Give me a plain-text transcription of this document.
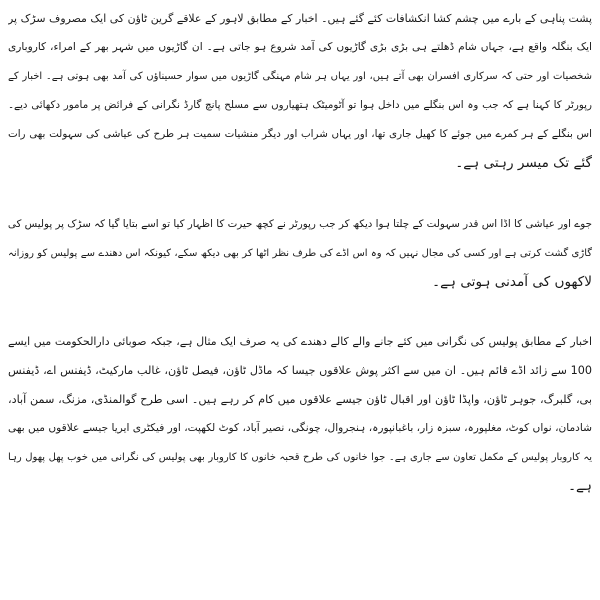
پشت پناہی کے بارے میں چشم کشا انکشافات کئے گئے ہیں۔ اخبار کے مطابق لاہور کے علاقے گرین ٹاؤن کی ایک مصروف سڑک پر
ایک بنگلہ واقع ہے، جہاں شام ڈھلتے ہی بڑی بڑی گاڑیوں کی آمد شروع ہو جاتی ہے۔ ان گاڑیوں میں شہر بھر کے امراء، کاروباری
شخصیات اور حتی کہ سرکاری افسران بھی آتے ہیں، اور یہاں ہر شام مہنگی گاڑیوں میں سوار حسیناؤں کی آمد بھی ہوتی ہے۔ اخبار کے
رپورٹر کا کہنا ہے کہ جب وہ اس بنگلے میں داخل ہوا تو آٹومیٹک ہتھیاروں سے مسلح پانچ گارڈ نگرانی کے فرائض پر مامور دکھائی دیے۔
اس بنگلے کے ہر کمرے میں جوئے کا کھیل جاری تھا، اور یہاں شراب اور دیگر منشیات سمیت ہر طرح کی عیاشی کی سہولت بھی رات
گئے تک میسر رہتی ہے۔
جوے اور عیاشی کا اڈا اس قدر سہولت کے چلتا ہوا دیکھ کر جب رپورٹر نے کچھ حیرت کا اظہار کیا تو اسے بتایا گیا کہ سڑک پر پولیس کی
گاڑی گشت کرتی ہے اور کسی کی مجال نہیں کہ وہ اس اڈے کی طرف نظر اٹھا کر بھی دیکھ سکے، کیونکہ اس دھندے سے پولیس کو روزانہ
لاکھوں کی آمدنی ہوتی ہے۔
اخبار کے مطابق پولیس کی نگرانی میں کئے جانے والے کالے دھندے کی یہ صرف ایک مثال ہے، جبکہ صوبائی دارالحکومت میں ایسے
100 سے زائد اڈے قائم ہیں۔ ان میں سے اکثر پوش علاقوں جیسا کہ ماڈل ٹاؤن، فیصل ٹاؤن، غالب مارکیٹ، ڈیفنس اے، ڈیفنس
بی، گلبرگ، جوہر ٹاؤن، واپڈا ٹاؤن اور اقبال ٹاؤن جیسے علاقوں میں کام کر رہے ہیں۔ اسی طرح گوالمنڈی، مزنگ، سمن آباد،
شادمان، نواں کوٹ، مغلپورہ، سبزہ زار، باغبانپورہ، ہنجروال، چونگی، نصیر آباد، کوٹ لکھپت، اور فیکٹری ایریا جیسے علاقوں میں بھی
یہ کاروبار پولیس کے مکمل تعاون سے جاری ہے۔ جوا خانوں کی طرح قحبہ خانوں کا کاروبار بھی پولیس کی نگرانی میں خوب پھل پھول رہا
ہے۔
